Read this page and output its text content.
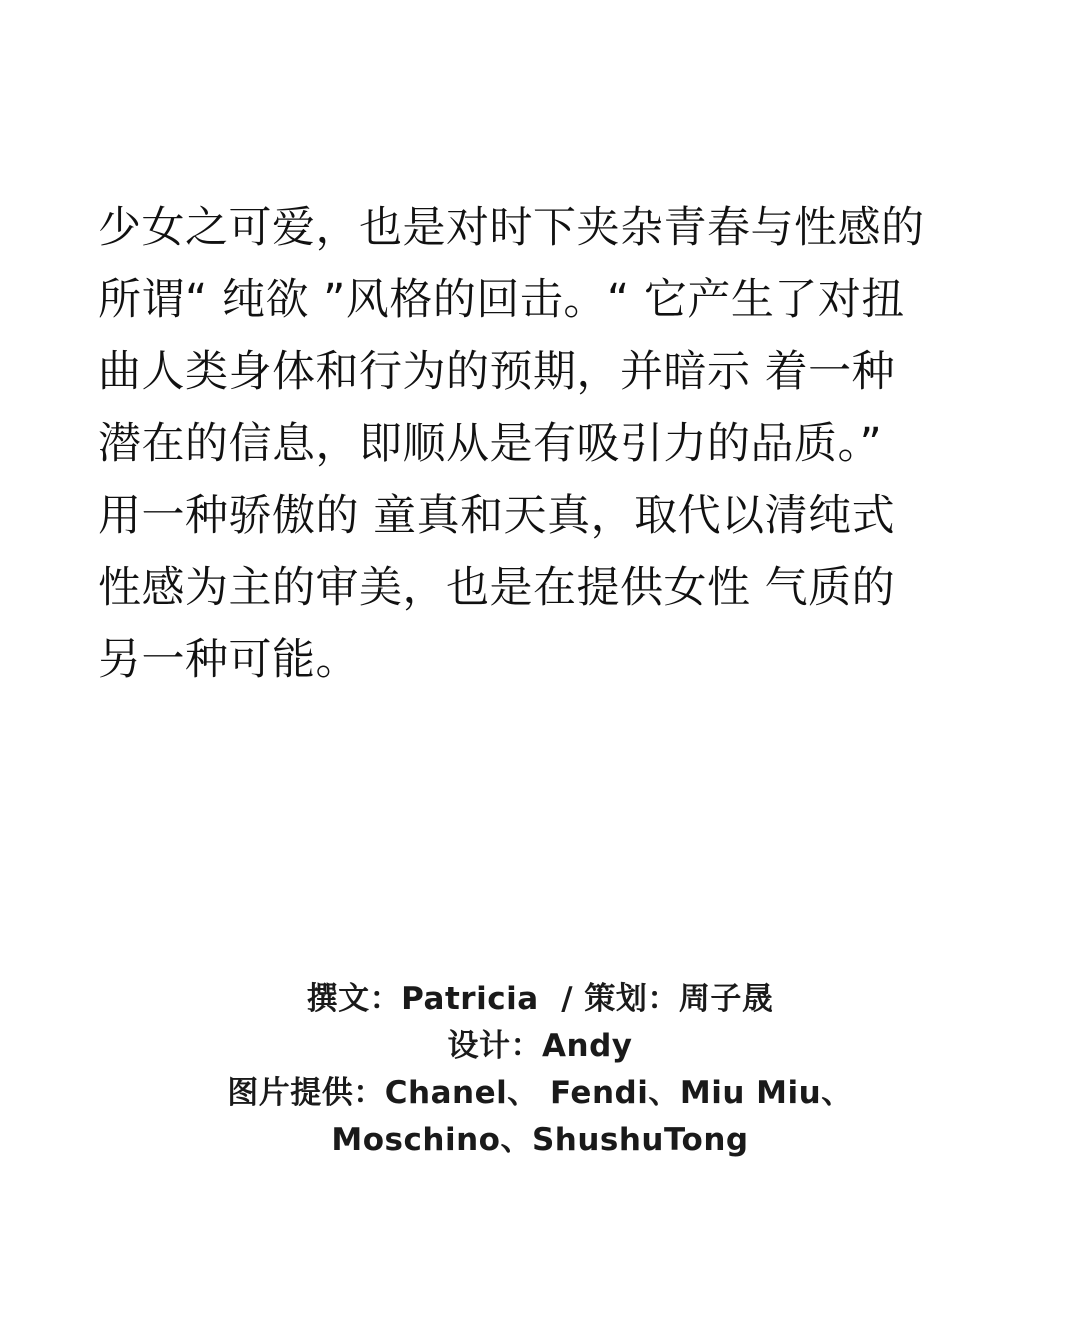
少女之可爱，也是对时下夹杂青春与性感的
所谓“ 纯欲 ”风格的回击。“ 它产生了对扭
曲人类身体和行为的预期，并暗示 着一种
潜在的信息，即顺从是有吸引力的品质。”
用一种骄傲的 童真和天真，取代以清纯式
性感为主的审美，也是在提供女性 气质的
另一种可能。
撰文：Patricia  / 策划：周子晟
设计：Andy
图片提供：Chanel、 Fendi、Miu Miu、
Moschino、ShushuTong
